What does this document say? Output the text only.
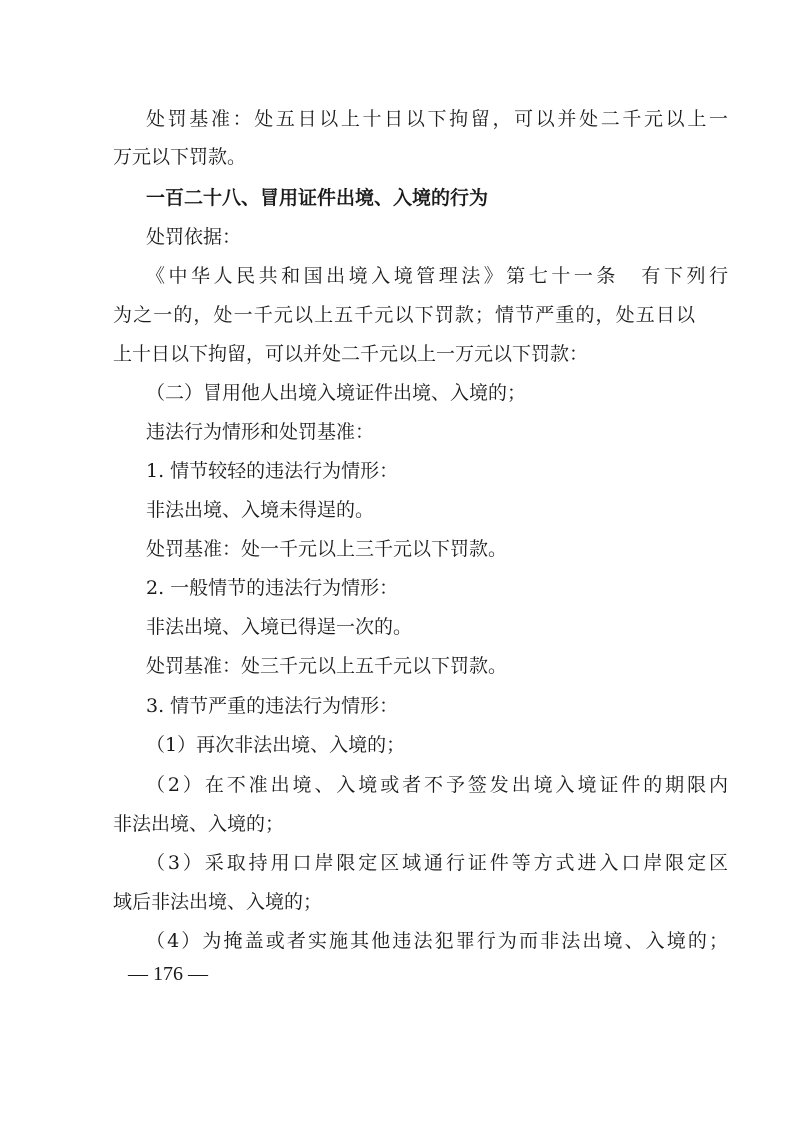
处罚基准：处五日以上十日以下拘留，可以并处二千元以上一
万元以下罚款。
一百二十八、冒用证件出境、入境的行为
处罚依据：
《中华人民共和国出境入境管理法》第七十一条　有下列行
为之一的，处一千元以上五千元以下罚款；情节严重的，处五日以
上十日以下拘留，可以并处二千元以上一万元以下罚款：
（二）冒用他人出境入境证件出境、入境的；
违法行为情形和处罚基准：
1. 情节较轻的违法行为情形：
非法出境、入境未得逞的。
处罚基准：处一千元以上三千元以下罚款。
2. 一般情节的违法行为情形：
非法出境、入境已得逞一次的。
处罚基准：处三千元以上五千元以下罚款。
3. 情节严重的违法行为情形：
（1）再次非法出境、入境的；
（2）在不准出境、入境或者不予签发出境入境证件的期限内
非法出境、入境的；
（3）采取持用口岸限定区域通行证件等方式进入口岸限定区
域后非法出境、入境的；
（4）为掩盖或者实施其他违法犯罪行为而非法出境、入境的；
— 176 —
